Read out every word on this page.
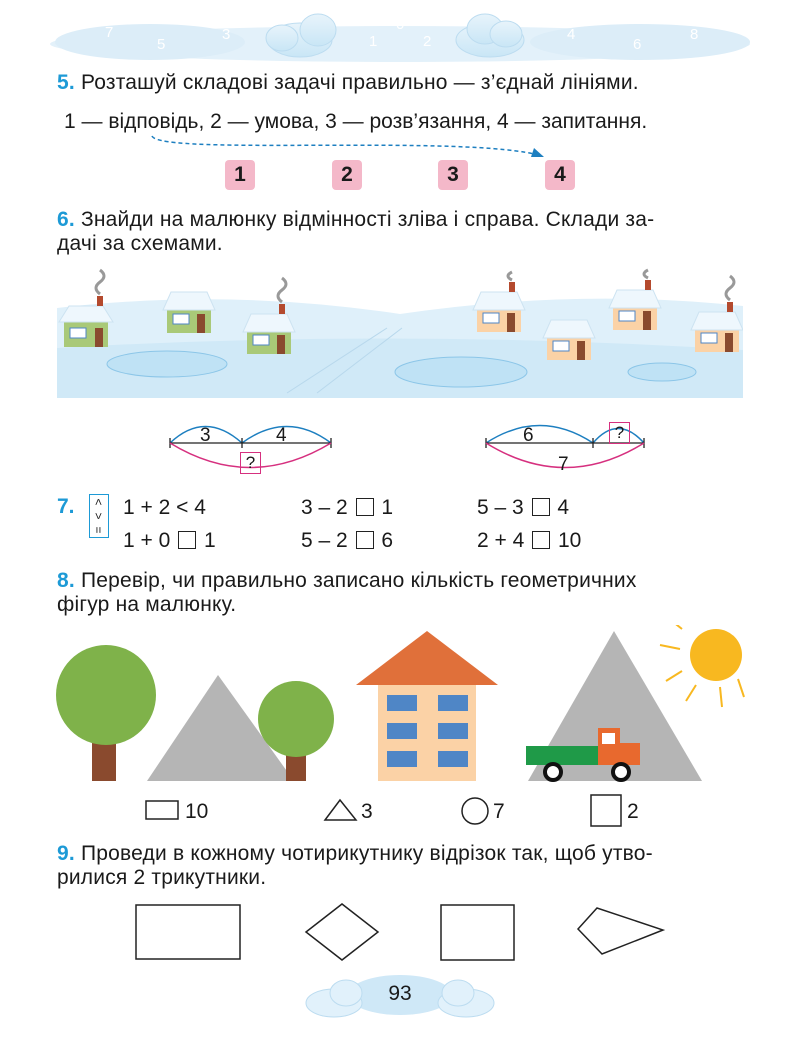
7
5
3
0
1	2	4
6
8
5. Розташуй складові задачі правильно — з’єднай лініями.
1 — відповідь, 2 — умова, 3 — розв’язання, 4 — запитання.
1	2	3	4
6. Знайди на малюнку відмінності зліва і справа. Склади за-
дачі за схемами.
3	4
?
6	?
7
7. <
>
=
1 + 2 < 4	3 – 2 1	5 – 3 4
1 + 0 1	5 – 2 6	2 + 4 10
8. Перевір, чи правильно записано кількість геометричних
фігур на малюнку.
10	3	7	2
9. Проведи в кожному чотирикутнику відрізок так, щоб утво-
рилися 2 трикутники.
93
